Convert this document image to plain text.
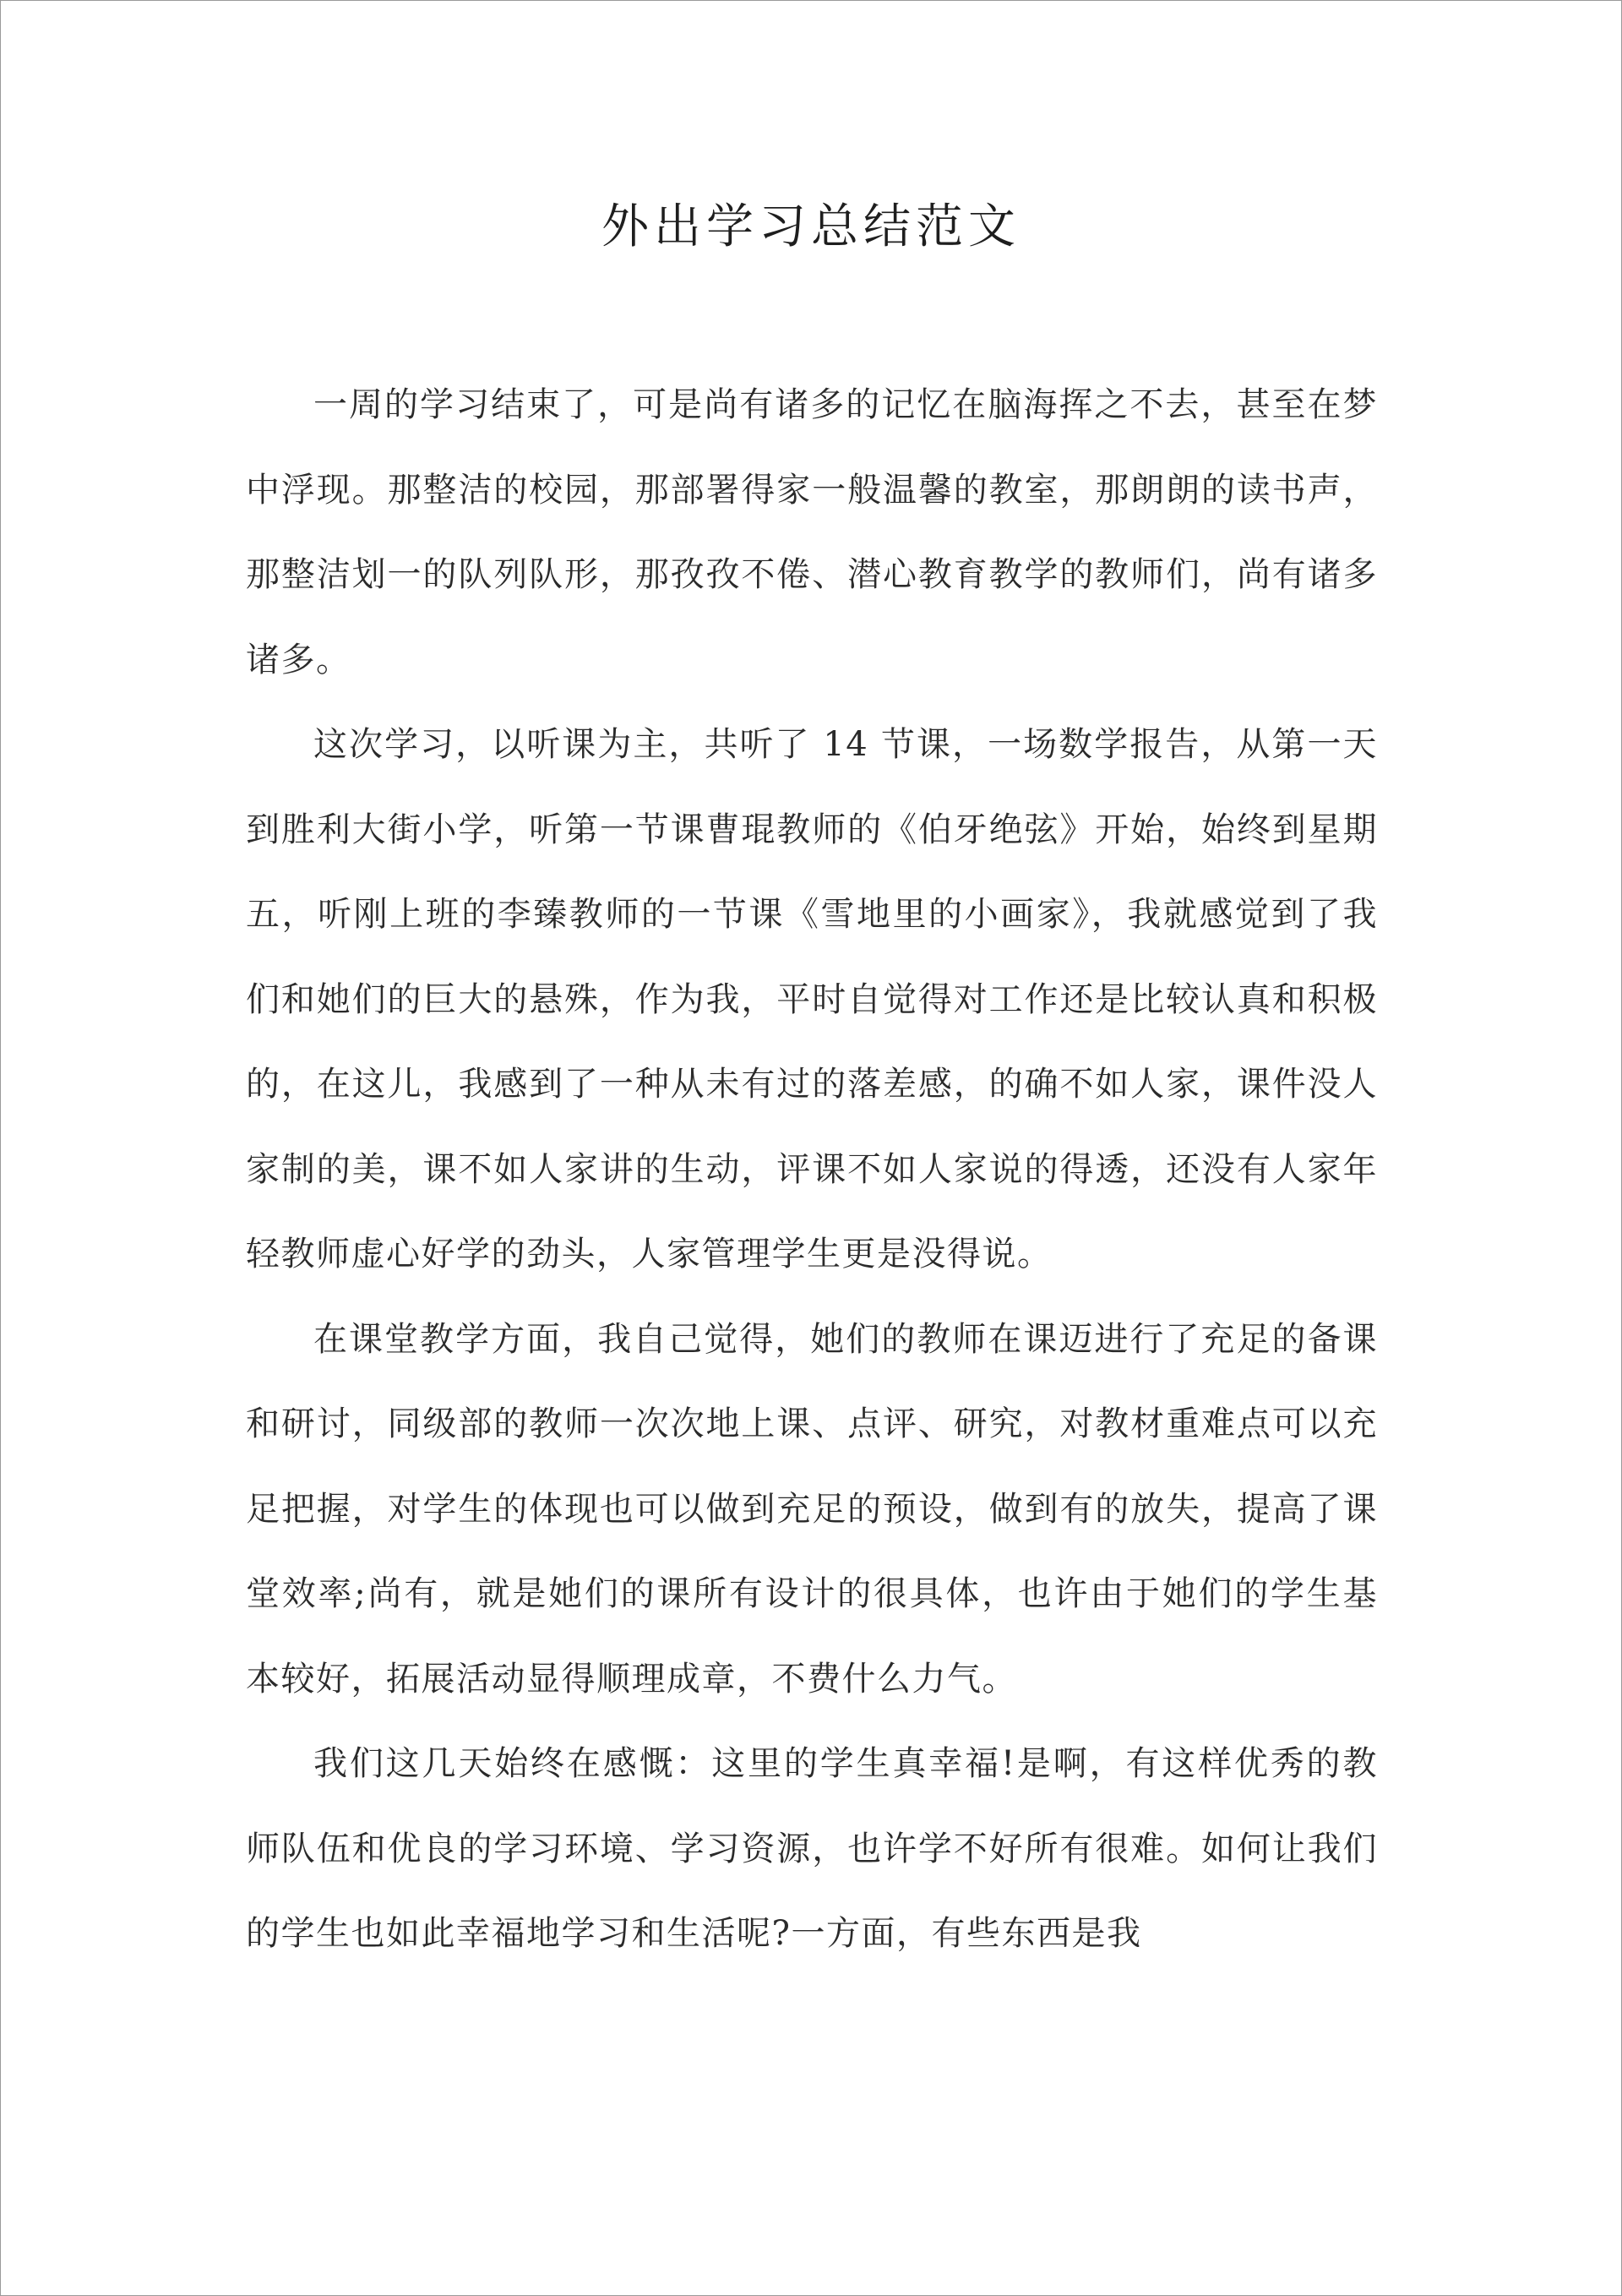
外出学习总结范文

一周的学习结束了，可是尚有诸多的记忆在脑海挥之不去，甚至在梦中浮现。那整洁的校园，那部署得家一般温馨的教室，那朗朗的读书声，那整洁划一的队列队形，那孜孜不倦、潜心教育教学的教师们，尚有诸多诸多。

这次学习，以听课为主，共听了 14 节课，一场数学报告，从第一天到胜利大街小学，听第一节课曹琨教师的《伯牙绝弦》开始，始终到星期五，听刚上班的李臻教师的一节课《雪地里的小画家》，我就感觉到了我们和她们的巨大的悬殊，作为我，平时自觉得对工作还是比较认真和积极的，在这儿，我感到了一种从未有过的落差感，的确不如人家，课件没人家制的美，课不如人家讲的生动，评课不如人家说的得透，还没有人家年轻教师虚心好学的劲头，人家管理学生更是没得说。

在课堂教学方面，我自己觉得，她们的教师在课迈进行了充足的备课和研讨，同级部的教师一次次地上课、点评、研究，对教材重难点可以充足把握，对学生的体现也可以做到充足的预设，做到有的放失，提高了课堂效率;尚有，就是她们的课所有设计的很具体，也许由于她们的学生基本较好，拓展活动显得顺理成章，不费什么力气。

我们这几天始终在感慨：这里的学生真幸福!是啊，有这样优秀的教师队伍和优良的学习环境、学习资源，也许学不好所有很难。如何让我们的学生也如此幸福地学习和生活呢?一方面，有些东西是我
